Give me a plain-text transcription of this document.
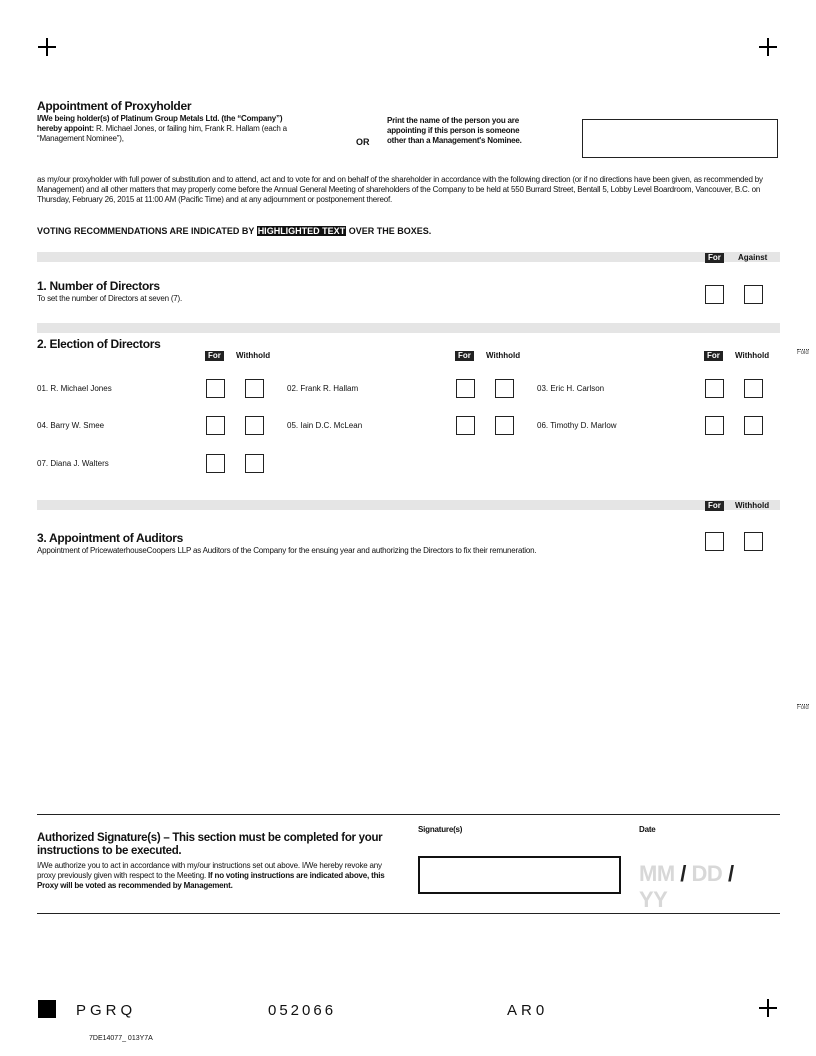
Appointment of Proxyholder
I/We being holder(s) of Platinum Group Metals Ltd. (the “Company”)
hereby appoint: R. Michael Jones, or failing him, Frank R. Hallam (each a
“Management Nominee”),	OR
Print the name of the person you are
appointing if this person is someone
other than a Management's Nominee.
as my/our proxyholder with full power of substitution and to attend, act and to vote for and on behalf of the shareholder in accordance with the following direction (or if no directions have been given, as recommended by Management) and all other matters that may properly come before the Annual General Meeting of shareholders of the Company to be held at 550 Burrard Street, Bentall 5, Lobby Level Boardroom, Vancouver, B.C. on Thursday, February 26, 2015 at 11:00 AM (Pacific Time) and at any adjournment or postponement thereof.
VOTING RECOMMENDATIONS ARE INDICATED BY HIGHLIGHTED TEXT OVER THE BOXES.
For	Against
1. Number of Directors
To set the number of Directors at seven (7).
2. Election of Directors
For	Withhold
3. Appointment of Auditors
Appointment of PricewaterhouseCoopers LLP as Auditors of the Company for the ensuing year and authorizing the Directors to fix their remuneration.
Fold
Fold
Authorized Signature(s) – This section must be completed for your instructions to be executed.
I/We authorize you to act in accordance with my/our instructions set out above. I/We hereby revoke any proxy previously given with respect to the Meeting. If no voting instructions are indicated above, this Proxy will be voted as recommended by Management.
Signature(s)	Date
MM / DD / YY
PGRQ	052066	AR0
7DE14077_ 013Y7A
For	Withhold	For	Withhold	For	Withhold
01. R. Michael Jones	02. Frank R. Hallam	03. Eric H. Carlson
04. Barry W. Smee	05. Iain D.C. McLean	06. Timothy D. Marlow
07. Diana J. Walters
